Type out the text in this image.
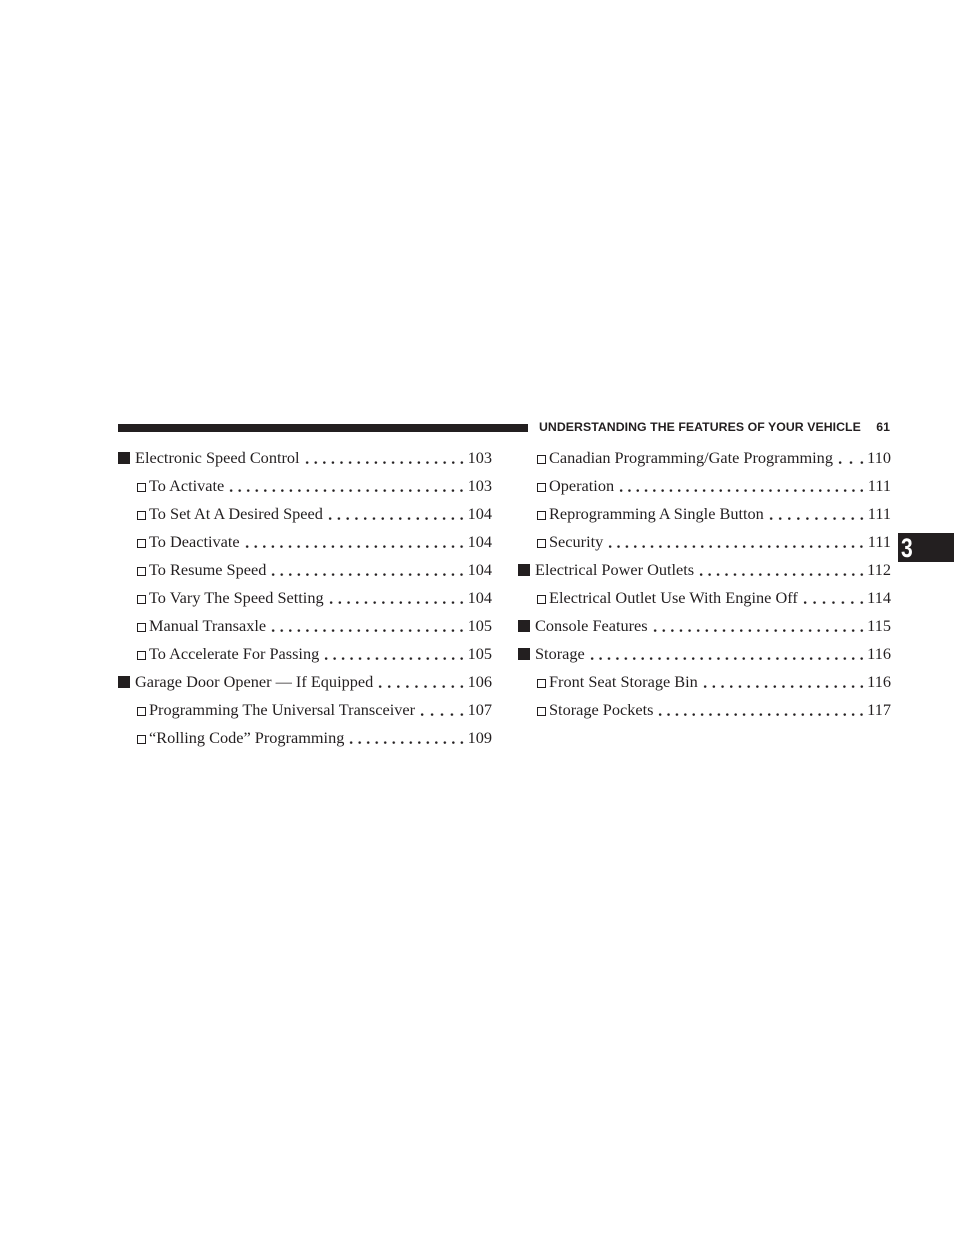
UNDERSTANDING THE FEATURES OF YOUR VEHICLE 61
3
Electronic Speed Control	103
To Activate	103
To Set At A Desired Speed	104
To Deactivate	104
To Resume Speed	104
To Vary The Speed Setting	104
Manual Transaxle	105
To Accelerate For Passing	105
Garage Door Opener — If Equipped	106
Programming The Universal Transceiver	107
“Rolling Code” Programming	109
Canadian Programming/Gate Programming 110
Operation	111
Reprogramming A Single Button	111
Security	111
Electrical Power Outlets	112
Electrical Outlet Use With Engine Off	114
Console Features	115
Storage	116
Front Seat Storage Bin	116
Storage Pockets	117
